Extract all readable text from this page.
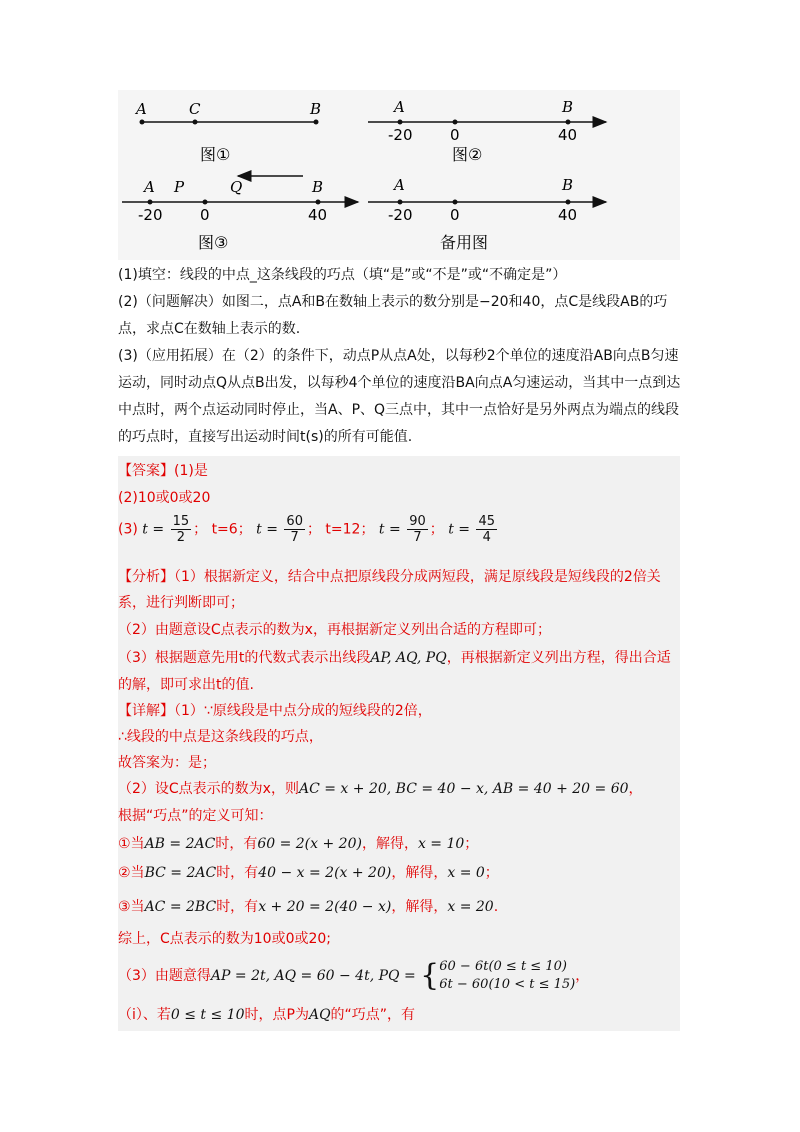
A	C	B
图①
A	B
-20	0	40
图②
A P	Q	B
-20	0	40
图③
A	B
-20	0	40
备用图

(1)填空：线段的中点_这条线段的巧点（填“是”或“不是”或“不确定是”）

(2)（问题解决）如图二，点A和B在数轴上表示的数分别是−20和40，点C是线段AB的巧点，求点C在数轴上表示的数.

(3)（应用拓展）在（2）的条件下，动点P从点A处，以每秒2个单位的速度沿AB向点B匀速运动，同时动点Q从点B出发，以每秒4个单位的速度沿BA向点A匀速运动，当其中一点到达中点时，两个点运动同时停止，当A、P、Q三点中，其中一点恰好是另外两点为端点的线段的巧点时，直接写出运动时间t(s)的所有可能值.

【答案】(1)是
(2)10或0或20
(3) $t = \frac{15}{2}$ ； t=6； $t = \frac{60}{7}$ ； t=12； $t = \frac{90}{7}$ ； $t = \frac{45}{4}$
【分析】（1）根据新定义，结合中点把原线段分成两短段，满足原线段是短线段的2倍关
系，进行判断即可；
（2）由题意设C点表示的数为x，再根据新定义列出合适的方程即可；
（3）根据题意先用t的代数式表示出线段AP, AQ, PQ，再根据新定义列出方程，得出合适
的解，即可求出t的值.
【详解】（1）∵原线段是中点分成的短线段的2倍，
∴线段的中点是这条线段的巧点，
故答案为：是；
（2）设C点表示的数为x，则AC = x + 20, BC = 40 − x, AB = 40 + 20 = 60，
根据“巧点”的定义可知：
①当AB = 2AC时，有60 = 2(x + 20)，解得，x = 10；
②当BC = 2AC时，有40 − x = 2(x + 20)，解得，x = 0；
③当AC = 2BC时，有x + 20 = 2(40 − x)，解得，x = 20.
综上，C点表示的数为10或0或20;
（3）由题意得AP = 2t, AQ = 60 − 4t, PQ = { 60 − 6t(0 ≤ t ≤ 10)
6t − 60(10 < t ≤ 15)
，
（i）、若0 ≤ t ≤ 10时，点P为AQ的“巧点”，有
